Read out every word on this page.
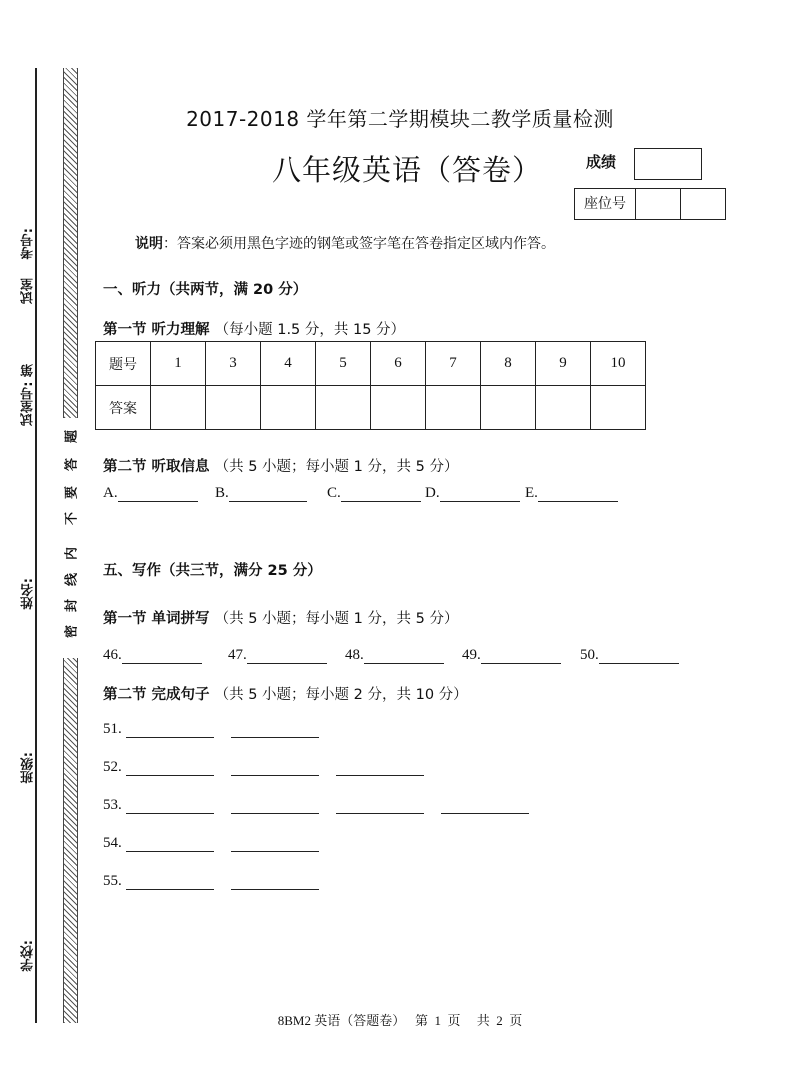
学校:
班级:
姓名:
试室号: 第
试室
考号:
密
封
线
内
不
要
答
题
2017-2018 学年第二学期模块二教学质量检测
八年级英语（答卷）	成绩
座位号
说明：答案必须用黑色字迹的钢笔或签字笔在答卷指定区域内作答。
一、听力（共两节，满 20 分）
第一节 听力理解 （每小题 1.5 分，共 15 分）
题号	1	3	4	5	6	7	8	9	10
答案									
第二节 听取信息 （共 5 小题；每小题 1 分，共 5 分）
A.	B.	C.	D.	E.
五、写作（共三节，满分 25 分）
第一节 单词拼写 （共 5 小题；每小题 1 分，共 5 分）
46.	47.	48.	49.	50.
第二节 完成句子 （共 5 小题；每小题 2 分，共 10 分）
51.
52.
53.
54.
55.
8BM2 英语（答题卷）   第  1  页     共  2  页
